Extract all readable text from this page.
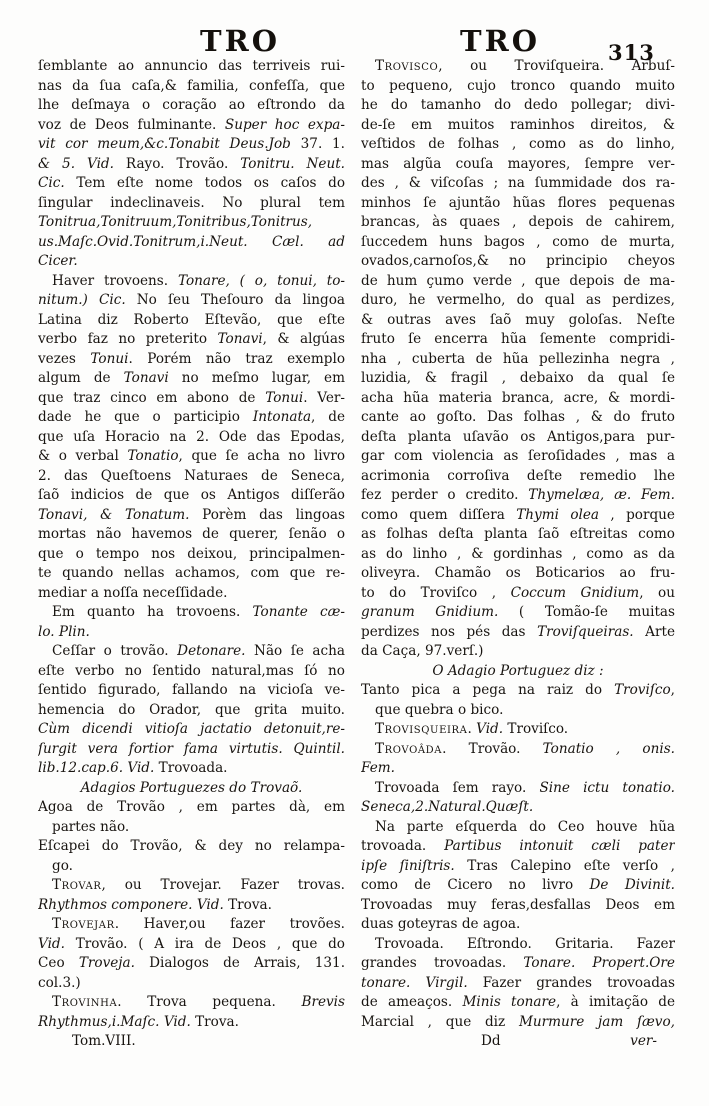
TRO	TRO	313
ſemblante ao annuncio das terriveis rui-
nas da ſua caſa,& familia, confeſſa, que
lhe deſmaya o coração ao eſtrondo da
voz de Deos fulminante. Super hoc expa-
vit cor meum,&c.Tonabit Deus.Job 37. 1.
& 5. Vid. Rayo. Trovão. Tonitru. Neut.
Cic. Tem eſte nome todos os caſos do
ſingular indeclinaveis. No plural tem
Tonitrua,Tonitruum,Tonitribus,Tonitrus,
us.Maſc.Ovid.Tonitrum,i.Neut. Cæl. ad
Cicer.
Haver trovoens. Tonare, ( o, tonui, to-
nitum.) Cic. No ſeu Theſouro da lingoa
Latina diz Roberto Eſtevão, que eſte
verbo faz no preterito Tonavi, & algúas
vezes Tonui. Porém não traz exemplo
algum de Tonavi no meſmo lugar, em
que traz cinco em abono de Tonui. Ver-
dade he que o participio Intonata, de
que uſa Horacio na 2. Ode das Epodas,
& o verbal Tonatio, que ſe acha no livro
2. das Queſtoens Naturaes de Seneca,
ſaõ indicios de que os Antigos diſſerão
Tonavi, & Tonatum. Porèm das lingoas
mortas não havemos de querer, ſenão o
que o tempo nos deixou, principalmen-
te quando nellas achamos, com que re-
mediar a noſſa neceſſidade.
Em quanto ha trovoens. Tonante cæ-
lo. Plin.
Ceſſar o trovão. Detonare. Não ſe acha
eſte verbo no ſentido natural,mas ſó no
ſentido figurado, fallando na vicioſa ve-
hemencia do Orador, que grita muito.
Cùm dicendi vitioſa jactatio detonuit,re-
ſurgit vera fortior fama virtutis. Quintil.
lib.12.cap.6. Vid. Trovoada.
Adagios Portuguezes do Trovaõ.
Agoa de Trovão , em partes dà, em
partes não.
Eſcapei do Trovão, & dey no relampa-
go.
Trovar, ou Trovejar. Fazer trovas.
Rhythmos componere. Vid. Trova.
Trovejar. Haver,ou fazer trovões.
Vid. Trovão. ( A ira de Deos , que do
Ceo Troveja. Dialogos de Arrais, 131.
col.3.)
Trovinha. Trova pequena. Brevis
Rhythmus,i.Maſc. Vid. Trova.
Tom.VIII.
Trovisco, ou Troviſqueira. Arbuſ-
to pequeno, cujo tronco quando muito
he do tamanho do dedo pollegar; divi-
de-ſe em muitos raminhos direitos, &
veſtidos de folhas , como as do linho,
mas algũa couſa mayores, ſempre ver-
des , & viſcoſas ; na ſummidade dos ra-
minhos ſe ajuntão hũas flores pequenas
brancas, às quaes , depois de cahirem,
ſuccedem huns bagos , como de murta,
ovados,carnoſos,& no principio cheyos
de hum çumo verde , que depois de ma-
duro, he vermelho, do qual as perdizes,
& outras aves ſaõ muy goloſas. Neſte
fruto ſe encerra hũa ſemente compridi-
nha , cuberta de hũa pellezinha negra ,
luzidia, & fragil , debaixo da qual ſe
acha hũa materia branca, acre, & mordi-
cante ao goſto. Das folhas , & do fruto
deſta planta uſavão os Antigos,para pur-
gar com violencia as ſeroſidades , mas a
acrimonia corroſiva deſte remedio lhe
fez perder o credito. Thymelæa, æ. Fem.
como quem diſſera Thymi olea , porque
as folhas deſta planta ſaõ eſtreitas como
as do linho , & gordinhas , como as da
oliveyra. Chamão os Boticarios ao fru-
to do Troviſco , Coccum Gnidium, ou
granum Gnidium. ( Tomão-ſe muitas
perdizes nos pés das Troviſqueiras. Arte
da Caça, 97.verſ.)
O Adagio Portuguez diz :
Tanto pica a pega na raiz do Troviſco,
que quebra o bico.
Trovisqueira. Vid. Troviſco.
Trovoâda. Trovão. Tonatio , onis.
Fem.
Trovoada ſem rayo. Sine ictu tonatio.
Seneca,2.Natural.Quæſt.
Na parte eſquerda do Ceo houve hũa
trovoada. Partibus intonuit cæli pater
ipſe ſiniſtris. Tras Calepino eſte verſo ,
como de Cicero no livro De Divinit.
Trovoadas muy feras,desfallas Deos em
duas goteyras de agoa.
Trovoada. Eſtrondo. Gritaria. Fazer
grandes trovoadas. Tonare. Propert.Ore
tonare. Virgil. Fazer grandes trovoadas
de ameaços. Minis tonare, à imitação de
Marcial , que diz Murmure jam ſævo,
Dd	ver-
